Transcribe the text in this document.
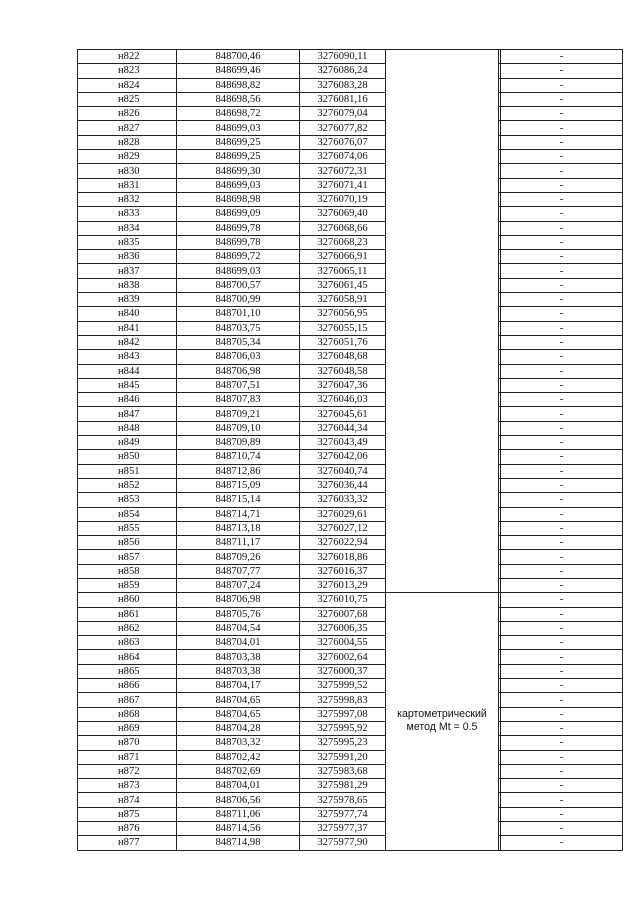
н822	848700,46	3276090,11			-
н823	848699,46	3276086,24			-
н824	848698,82	3276083,28			-
н825	848698,56	3276081,16			-
н826	848698,72	3276079,04			-
н827	848699,03	3276077,82			-
н828	848699,25	3276076,07			-
н829	848699,25	3276074,06			-
н830	848699,30	3276072,31			-
н831	848699,03	3276071,41			-
н832	848698,98	3276070,19			-
н833	848699,09	3276069,40			-
н834	848699,78	3276068,66			-
н835	848699,78	3276068,23			-
н836	848699,72	3276066,91			-
н837	848699,03	3276065,11			-
н838	848700,57	3276061,45			-
н839	848700,99	3276058,91			-
н840	848701,10	3276056,95			-
н841	848703,75	3276055,15			-
н842	848705,34	3276051,76			-
н843	848706,03	3276048,68			-
н844	848706,98	3276048,58			-
н845	848707,51	3276047,36			-
н846	848707,83	3276046,03			-
н847	848709,21	3276045,61			-
н848	848709,10	3276044,34			-
н849	848709,89	3276043,49			-
н850	848710,74	3276042,06			-
н851	848712,86	3276040,74			-
н852	848715,09	3276036,44			-
н853	848715,14	3276033,32			-
н854	848714,71	3276029,61			-
н855	848713,18	3276027,12			-
н856	848711,17	3276022,94			-
н857	848709,26	3276018,86			-
н858	848707,77	3276016,37			-
н859	848707,24	3276013,29			-
н860	848706,98	3276010,75	картометрический
метод Mt = 0.5		-
н861	848705,76	3276007,68			-
н862	848704,54	3276006,35			-
н863	848704,01	3276004,55			-
н864	848703,38	3276002,64			-
н865	848703,38	3276000,37			-
н866	848704,17	3275999,52			-
н867	848704,65	3275998,83			-
н868	848704,65	3275997,08			-
н869	848704,28	3275995,92			-
н870	848703,32	3275995,23			-
н871	848702,42	3275991,20			-
н872	848702,69	3275983,68			-
н873	848704,01	3275981,29			-
н874	848706,56	3275978,65			-
н875	848711,06	3275977,74			-
н876	848714,56	3275977,37			-
н877	848714,98	3275977,90			-
